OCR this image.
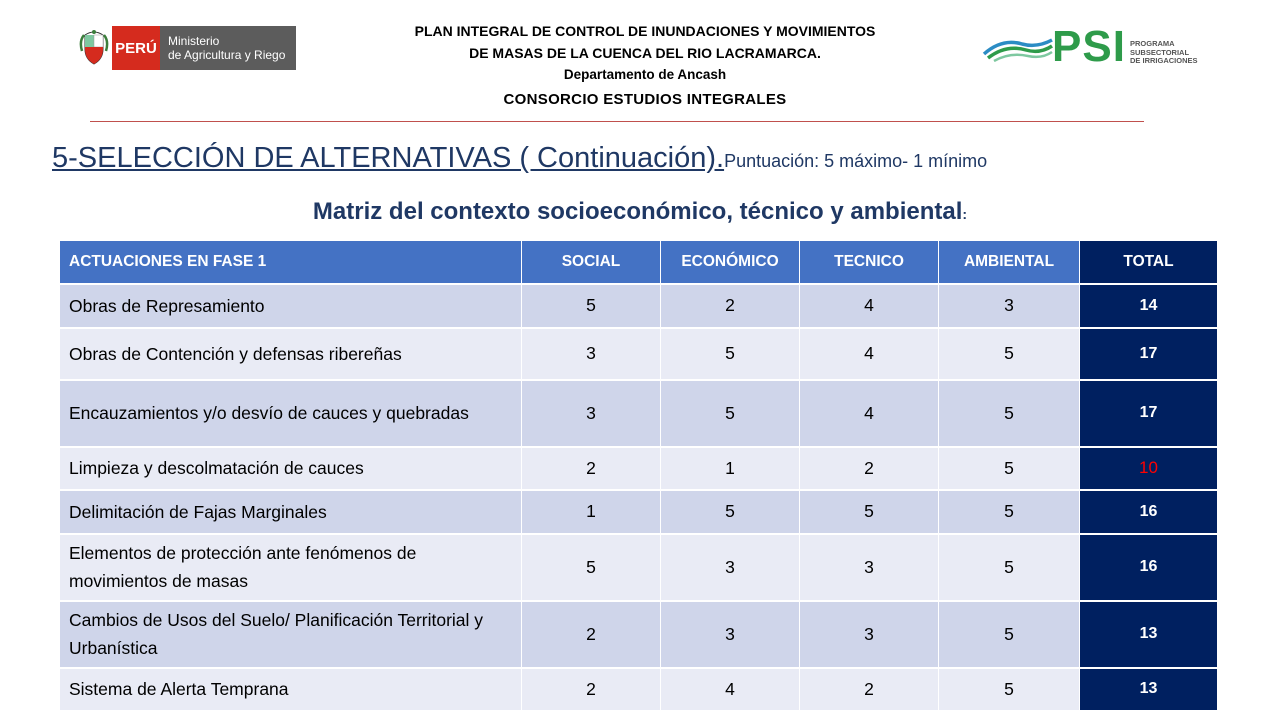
PERÚ Ministerio
de Agricultura y Riego
PLAN INTEGRAL DE CONTROL DE INUNDACIONES Y MOVIMIENTOS
DE MASAS DE LA CUENCA DEL RIO LACRAMARCA.
Departamento de Ancash
CONSORCIO ESTUDIOS INTEGRALES
PSI PROGRAMA
SUBSECTORIAL
DE IRRIGACIONES
5-SELECCIÓN DE ALTERNATIVAS ( Continuación).Puntuación: 5 máximo- 1 mínimo
Matriz del contexto socioeconómico, técnico y ambiental:
ACTUACIONES EN FASE 1	SOCIAL	ECONÓMICO	TECNICO	AMBIENTAL	TOTAL
Obras de Represamiento	5	2	4	3	14
Obras de Contención y defensas ribereñas	3	5	4	5	17
Encauzamientos y/o desvío de cauces y quebradas	3	5	4	5	17
Limpieza y descolmatación de cauces	2	1	2	5	10
Delimitación de Fajas Marginales	1	5	5	5	16
Elementos de protección ante fenómenos de movimientos de masas	5	3	3	5	16
Cambios de Usos del Suelo/ Planificación Territorial y Urbanística	2	3	3	5	13
Sistema de Alerta Temprana	2	4	2	5	13
